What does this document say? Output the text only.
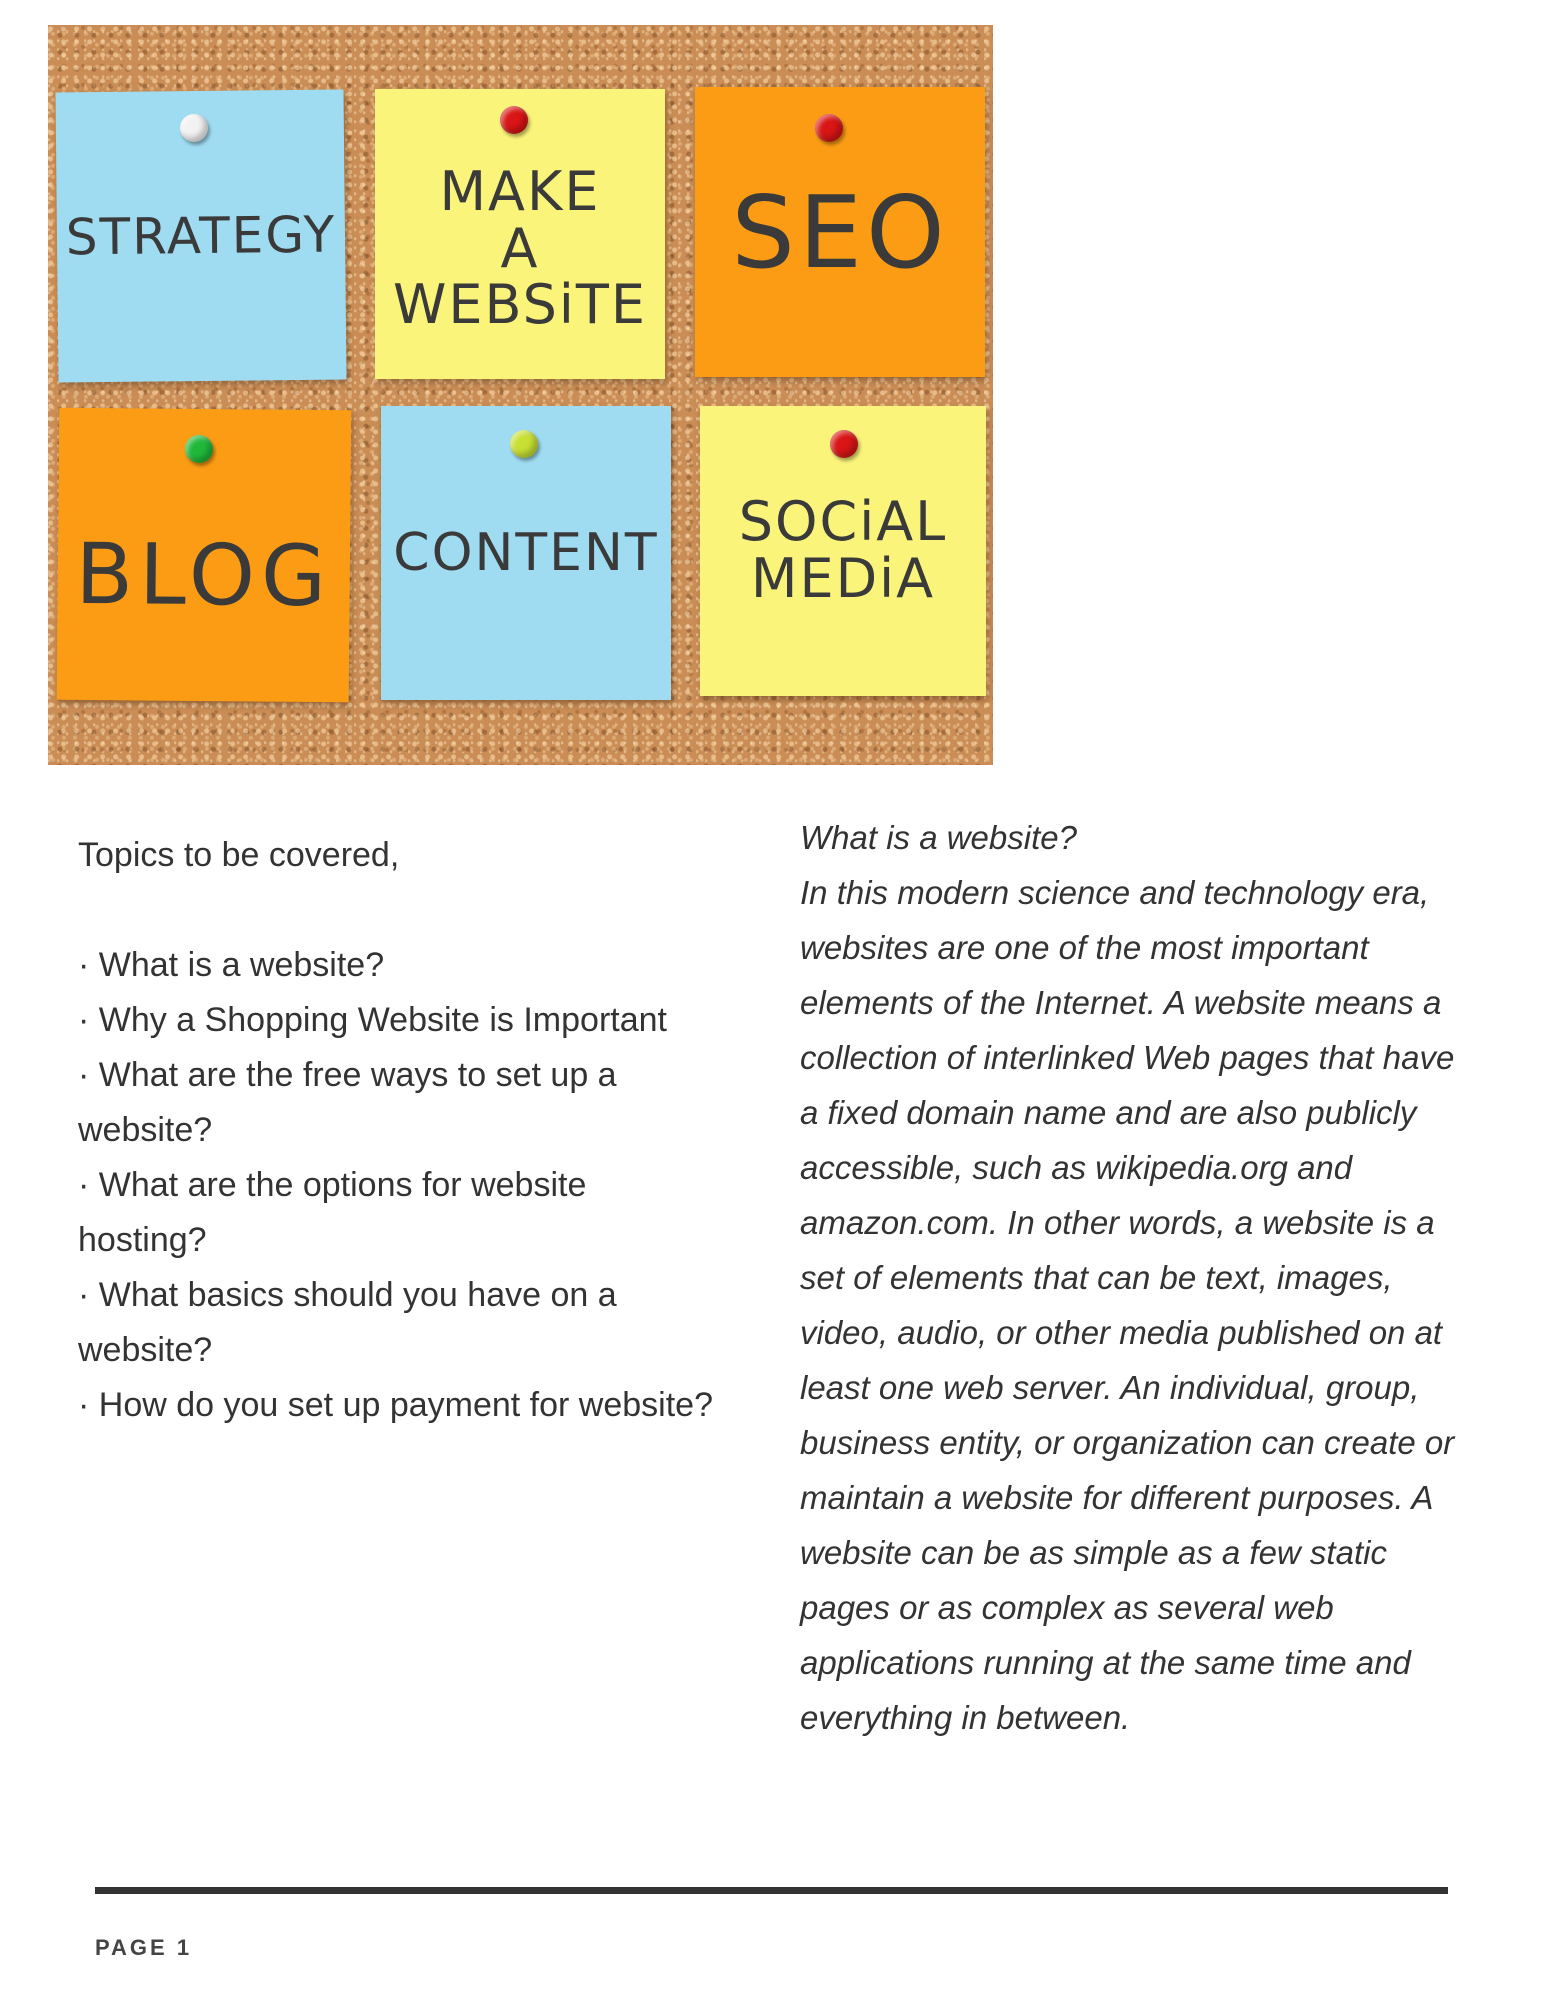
STRATEGY
MAKE
A
WEBSiTE
SEO
BLOG CONTENT SOCiAL
MEDiA

Topics to be covered,

· What is a website?
· Why a Shopping Website is Important
· What are the free ways to set up a website?
· What are the options for website hosting?
· What basics should you have on a website?
· How do you set up payment for website?

What is a website?

In this modern science and technology era, websites are one of the most important elements of the Internet. A website means a collection of interlinked Web pages that have a fixed domain name and are also publicly accessible, such as wikipedia.org and amazon.com. In other words, a website is a set of elements that can be text, images, video, audio, or other media published on at least one web server. An individual, group, business entity, or organization can create or maintain a website for different purposes. A website can be as simple as a few static pages or as complex as several web applications running at the same time and everything in between.

PAGE 1
